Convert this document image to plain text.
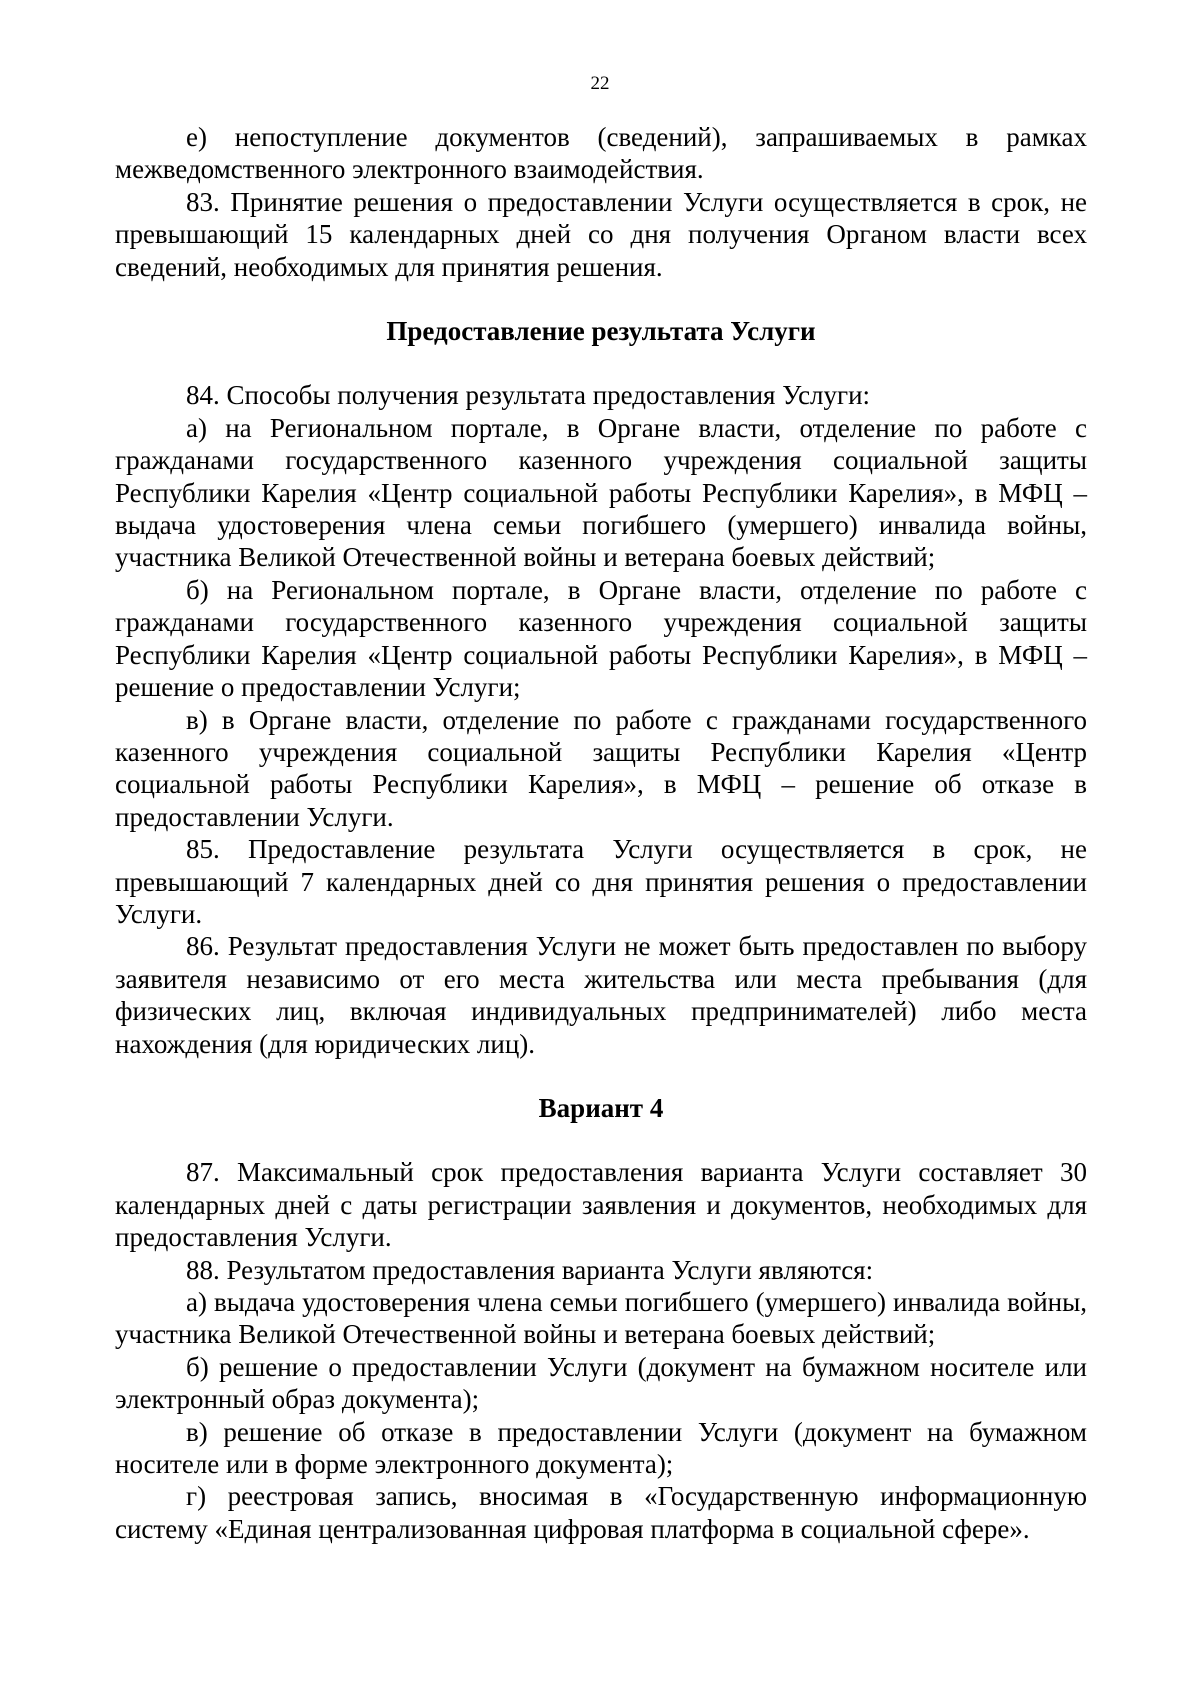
22

е) непоступление документов (сведений), запрашиваемых в рамках межведомственного электронного взаимодействия.

83. Принятие решения о предоставлении Услуги осуществляется в срок, не превышающий 15 календарных дней со дня получения Органом власти всех сведений, необходимых для принятия решения.

Предоставление результата Услуги

84. Способы получения результата предоставления Услуги:

а) на Региональном портале, в Органе власти, отделение по работе с гражданами государственного казенного учреждения социальной защиты Республики Карелия «Центр социальной работы Республики Карелия», в МФЦ – выдача удостоверения члена семьи погибшего (умершего) инвалида войны, участника Великой Отечественной войны и ветерана боевых действий;

б) на Региональном портале, в Органе власти, отделение по работе с гражданами государственного казенного учреждения социальной защиты Республики Карелия «Центр социальной работы Республики Карелия», в МФЦ – решение о предоставлении Услуги;

в) в Органе власти, отделение по работе с гражданами государственного казенного учреждения социальной защиты Республики Карелия «Центр социальной работы Республики Карелия», в МФЦ – решение об отказе в предоставлении Услуги.

85. Предоставление результата Услуги осуществляется в срок, не превышающий 7 календарных дней со дня принятия решения о предоставлении Услуги.

86. Результат предоставления Услуги не может быть предоставлен по выбору заявителя независимо от его места жительства или места пребывания (для физических лиц, включая индивидуальных предпринимателей) либо места нахождения (для юридических лиц).

Вариант 4

87. Максимальный срок предоставления варианта Услуги составляет 30 календарных дней с даты регистрации заявления и документов, необходимых для предоставления Услуги.

88. Результатом предоставления варианта Услуги являются:

а) выдача удостоверения члена семьи погибшего (умершего) инвалида войны, участника Великой Отечественной войны и ветерана боевых действий;

б) решение о предоставлении Услуги (документ на бумажном носителе или электронный образ документа);

в) решение об отказе в предоставлении Услуги (документ на бумажном носителе или в форме электронного документа);

г) реестровая запись, вносимая в «Государственную информационную систему «Единая централизованная цифровая платформа в социальной сфере».
